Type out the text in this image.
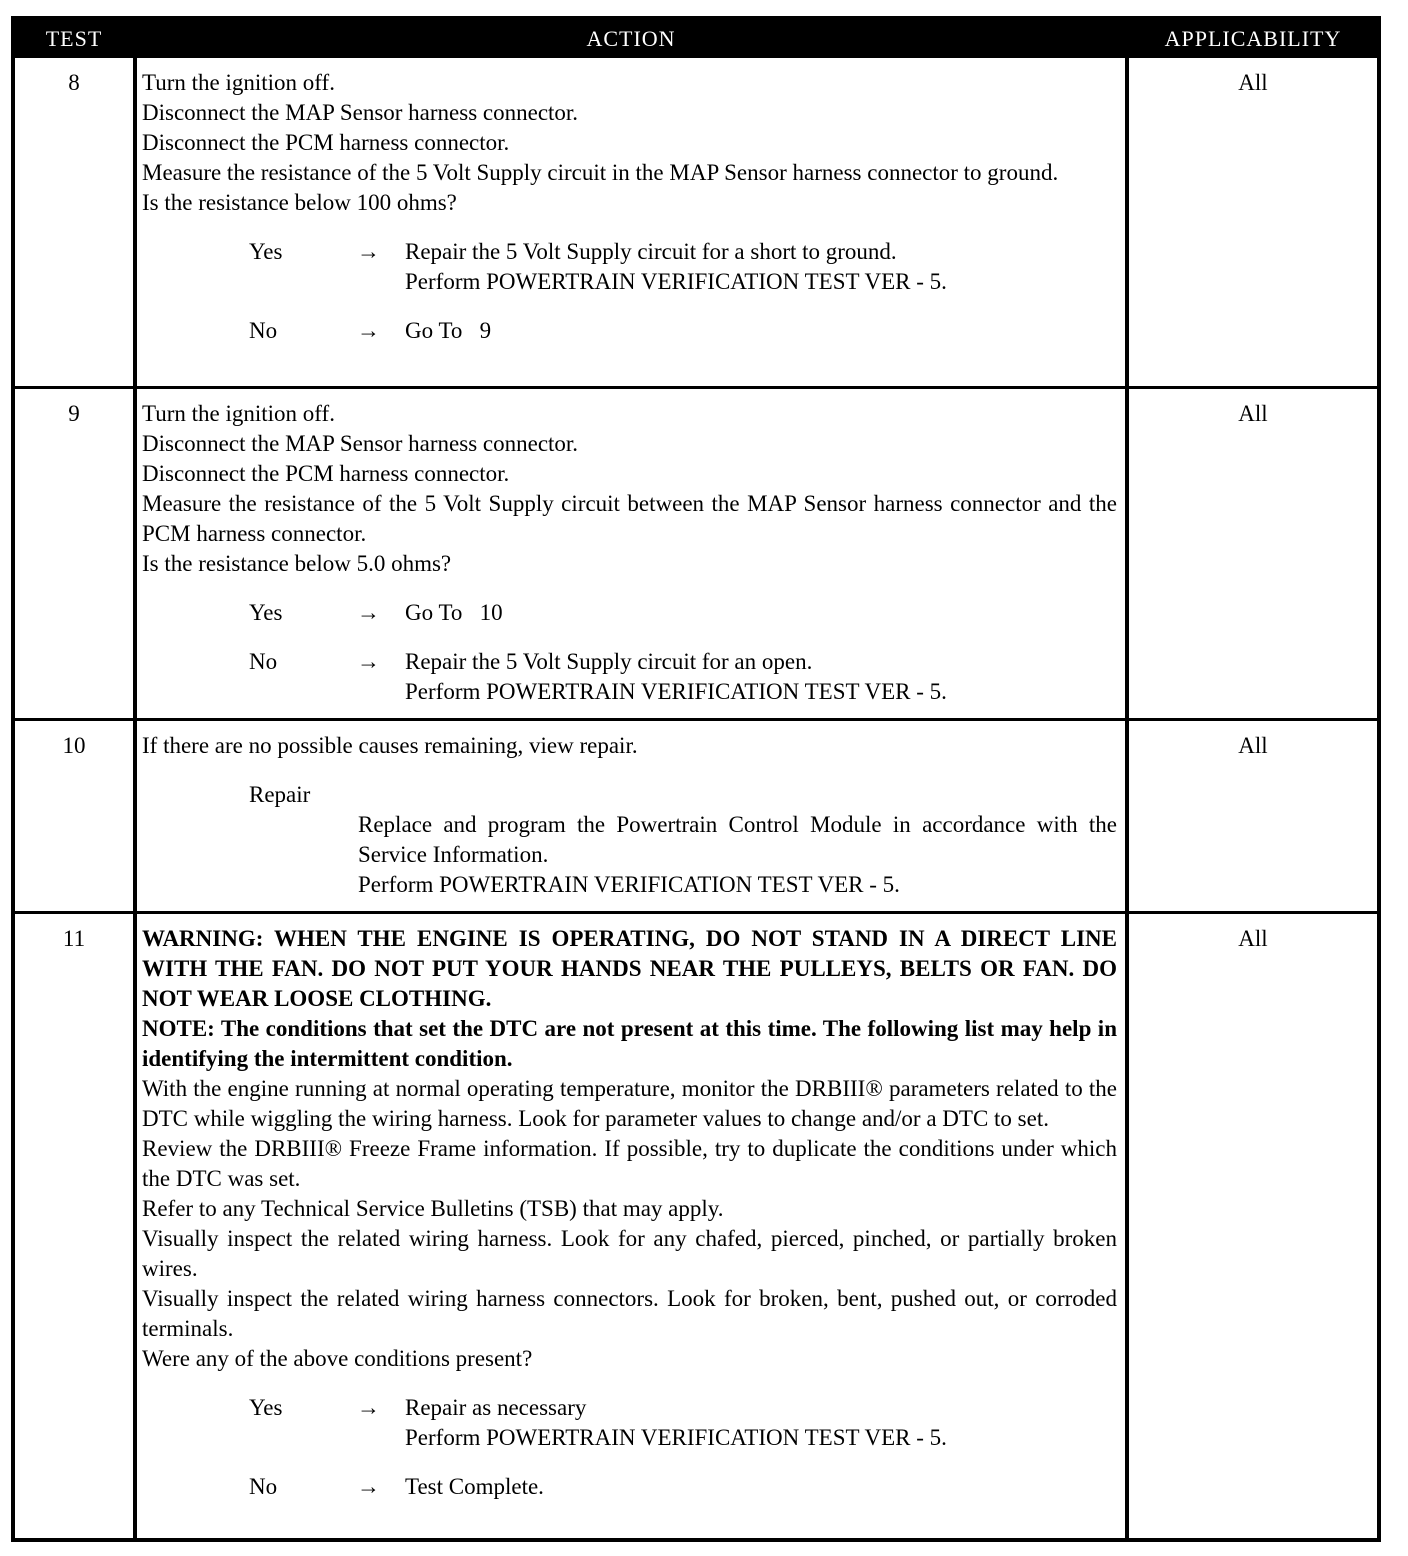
TEST	ACTION	APPLICABILITY
8	Turn the ignition off.

Disconnect the MAP Sensor harness connector.

Disconnect the PCM harness connector.

Measure the resistance of the 5 Volt Supply circuit in the MAP Sensor harness connector to ground.

Is the resistance below 100 ohms?

Yes	→	Repair the 5 Volt Supply circuit for a short to ground.
Perform POWERTRAIN VERIFICATION TEST VER - 5.
No	→	Go To   9
All
9	Turn the ignition off.

Disconnect the MAP Sensor harness connector.

Disconnect the PCM harness connector.

Measure the resistance of the 5 Volt Supply circuit between the MAP Sensor harness connector and the PCM harness connector.

Is the resistance below 5.0 ohms?

Yes	→	Go To   10
No	→	Repair the 5 Volt Supply circuit for an open.
Perform POWERTRAIN VERIFICATION TEST VER - 5.
All
10	If there are no possible causes remaining, view repair.

Repair
Replace and program the Powertrain Control Module in accordance with the Service Information.
Perform POWERTRAIN VERIFICATION TEST VER - 5.
All
11	WARNING: WHEN THE ENGINE IS OPERATING, DO NOT STAND IN A DIRECT LINE WITH THE FAN. DO NOT PUT YOUR HANDS NEAR THE PULLEYS, BELTS OR FAN. DO NOT WEAR LOOSE CLOTHING.

NOTE: The conditions that set the DTC are not present at this time. The following list may help in identifying the intermittent condition.

With the engine running at normal operating temperature, monitor the DRBIII® parameters related to the DTC while wiggling the wiring harness. Look for parameter values to change and/or a DTC to set.

Review the DRBIII® Freeze Frame information. If possible, try to duplicate the conditions under which the DTC was set.

Refer to any Technical Service Bulletins (TSB) that may apply.

Visually inspect the related wiring harness. Look for any chafed, pierced, pinched, or partially broken wires.

Visually inspect the related wiring harness connectors. Look for broken, bent, pushed out, or corroded terminals.

Were any of the above conditions present?

Yes	→	Repair as necessary
Perform POWERTRAIN VERIFICATION TEST VER - 5.
No	→	Test Complete.
All
